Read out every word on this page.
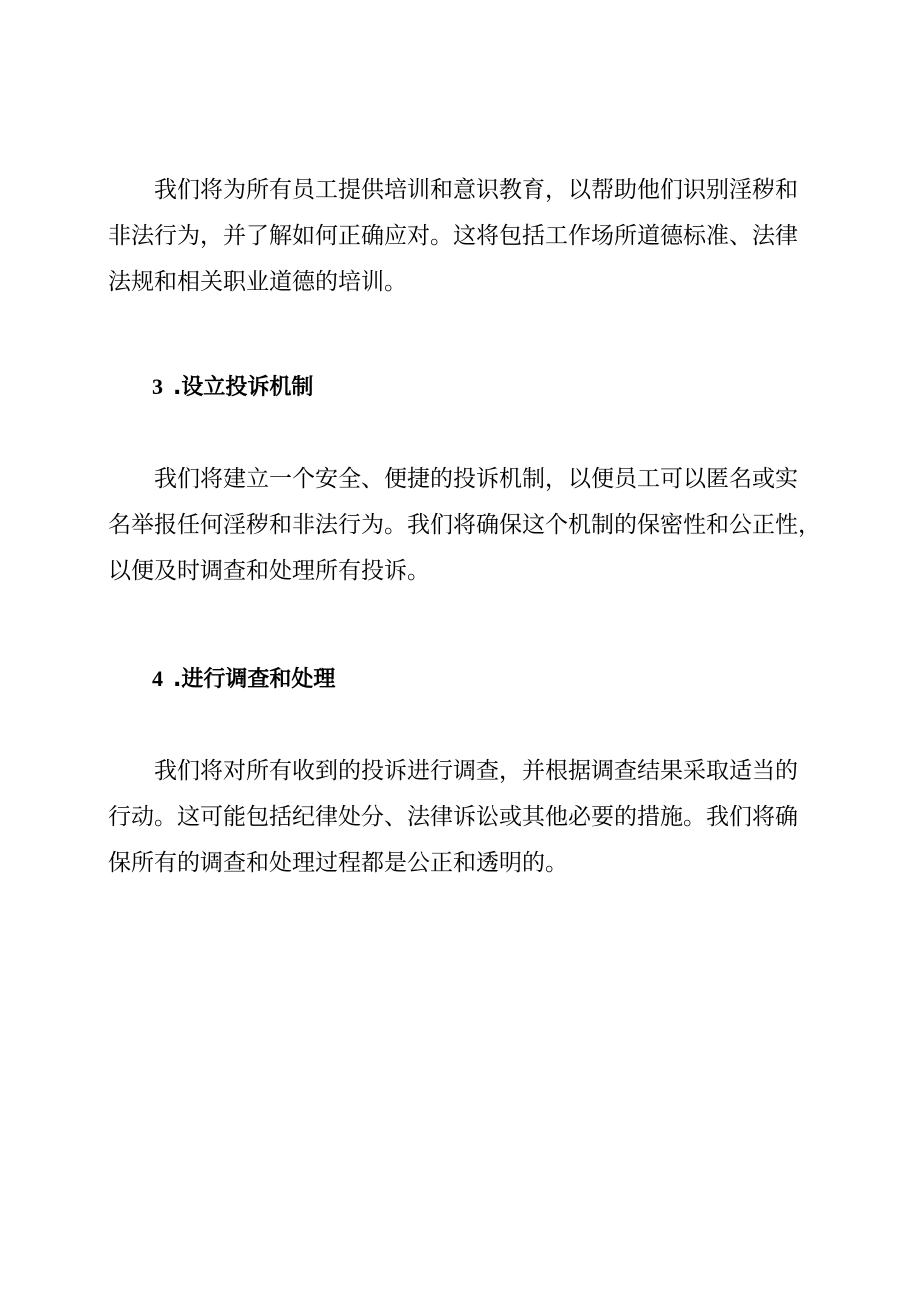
我们将为所有员工提供培训和意识教育，以帮助他们识别淫秽和
非法行为，并了解如何正确应对。这将包括工作场所道德标准、法律
法规和相关职业道德的培训。

3 .设立投诉机制

我们将建立一个安全、便捷的投诉机制，以便员工可以匿名或实
名举报任何淫秽和非法行为。我们将确保这个机制的保密性和公正性，
以便及时调查和处理所有投诉。

4 .进行调查和处理

我们将对所有收到的投诉进行调查，并根据调查结果采取适当的
行动。这可能包括纪律处分、法律诉讼或其他必要的措施。我们将确
保所有的调查和处理过程都是公正和透明的。
